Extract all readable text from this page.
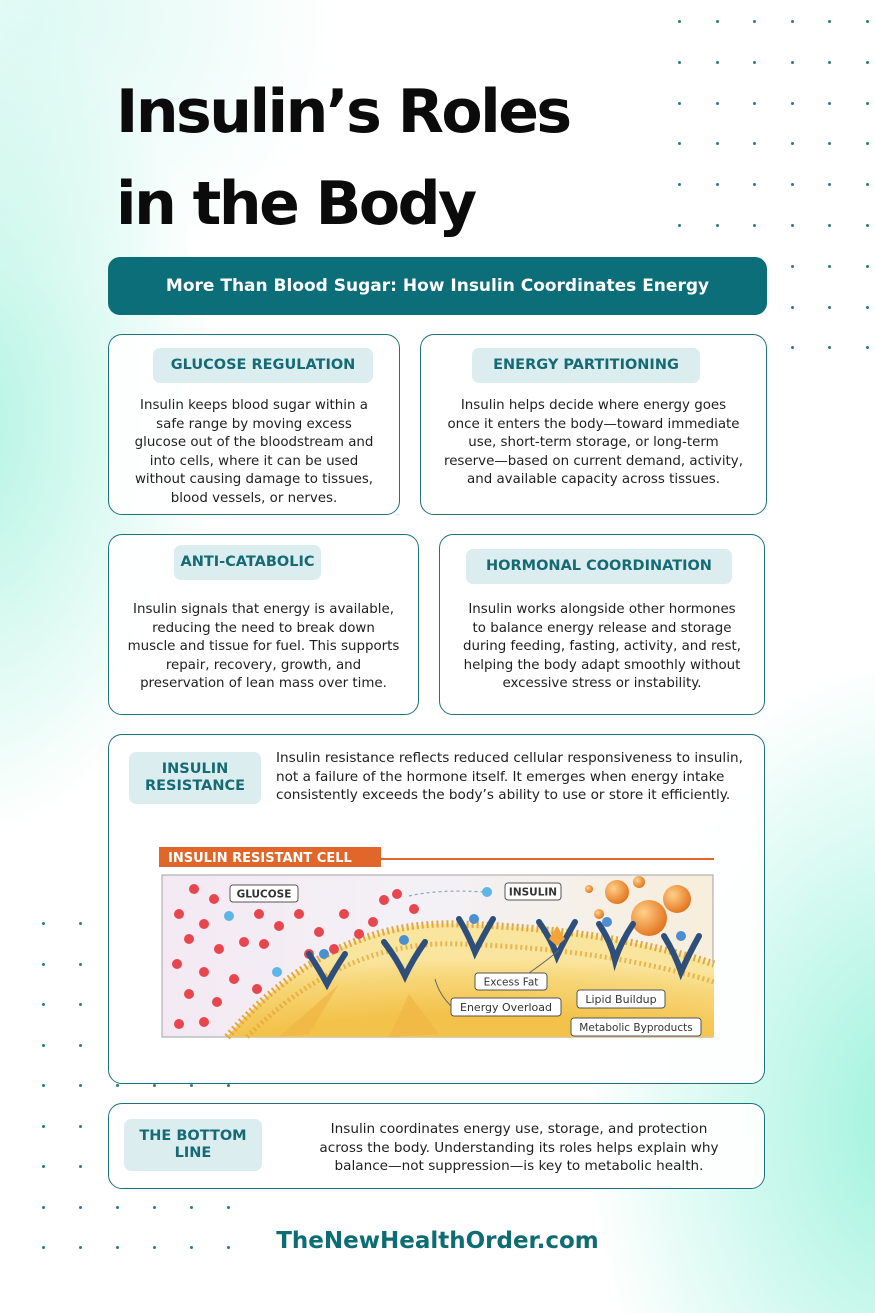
Insulin’s Roles
in the Body
More Than Blood Sugar: How Insulin Coordinates Energy
GLUCOSE REGULATION
Insulin keeps blood sugar within a
safe range by moving excess
glucose out of the bloodstream and
into cells, where it can be used
without causing damage to tissues,
blood vessels, or nerves.
ENERGY PARTITIONING
Insulin helps decide where energy goes
once it enters the body—toward immediate
use, short-term storage, or long-term
reserve—based on current demand, activity,
and available capacity across tissues.
ANTI-CATABOLIC
Insulin signals that energy is available,
reducing the need to break down
muscle and tissue for fuel. This supports
repair, recovery, growth, and
preservation of lean mass over time.
HORMONAL COORDINATION
Insulin works alongside other hormones
to balance energy release and storage
during feeding, fasting, activity, and rest,
helping the body adapt smoothly without
excessive stress or instability.
INSULIN
RESISTANCE
Insulin resistance reflects reduced cellular responsiveness to insulin,
not a failure of the hormone itself. It emerges when energy intake
consistently exceeds the body’s ability to use or store it efficiently.
INSULIN RESISTANT CELL
GLUCOSE	INSULIN
Excess Fat
Energy Overload
Lipid Buildup
Metabolic Byproducts
THE BOTTOM
LINE
Insulin coordinates energy use, storage, and protection
across the body. Understanding its roles helps explain why
balance—not suppression—is key to metabolic health.
TheNewHealthOrder.com
